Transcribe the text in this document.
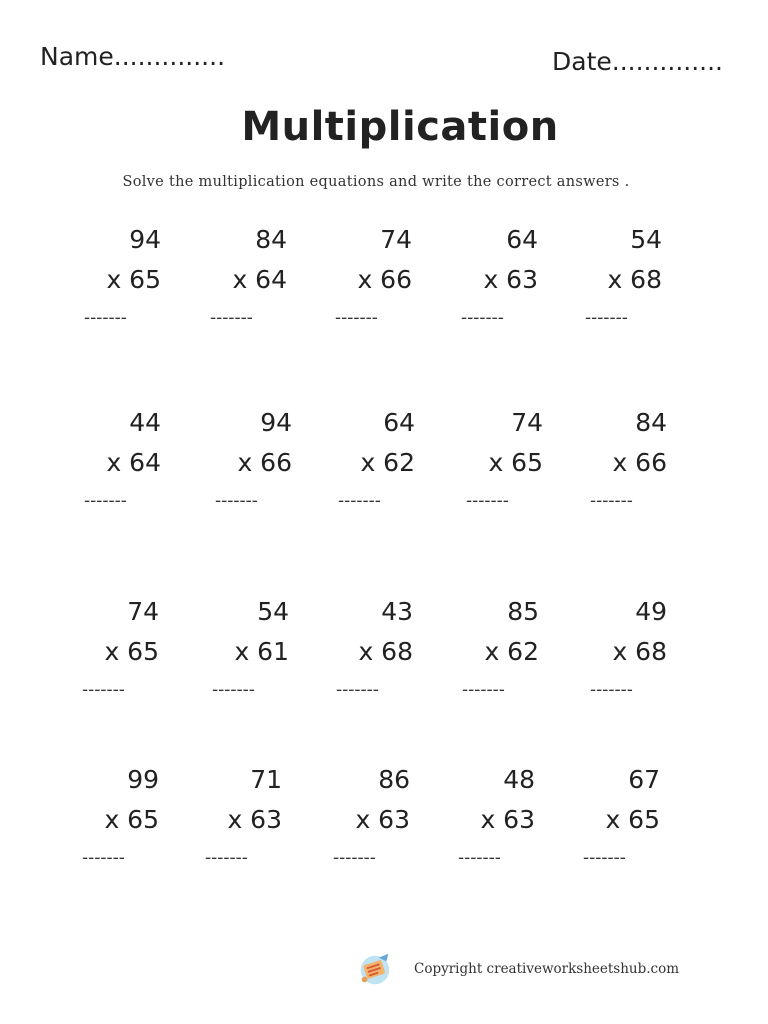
Name..............	Date..............
Multiplication
Solve the multiplication equations and write the correct answers .
94
x 65
-------
84
x 64
-------
74
x 66
-------
64
x 63
-------
54
x 68
-------
44
x 64
-------
94
x 66
-------
64
x 62
-------
74
x 65
-------
84
x 66
-------
74
x 65
-------
54
x 61
-------
43
x 68
-------
85
x 62
-------
49
x 68
-------
99
x 65
-------
71
x 63
-------
86
x 63
-------
48
x 63
-------
67
x 65
-------
Copyright creativeworksheetshub.com
